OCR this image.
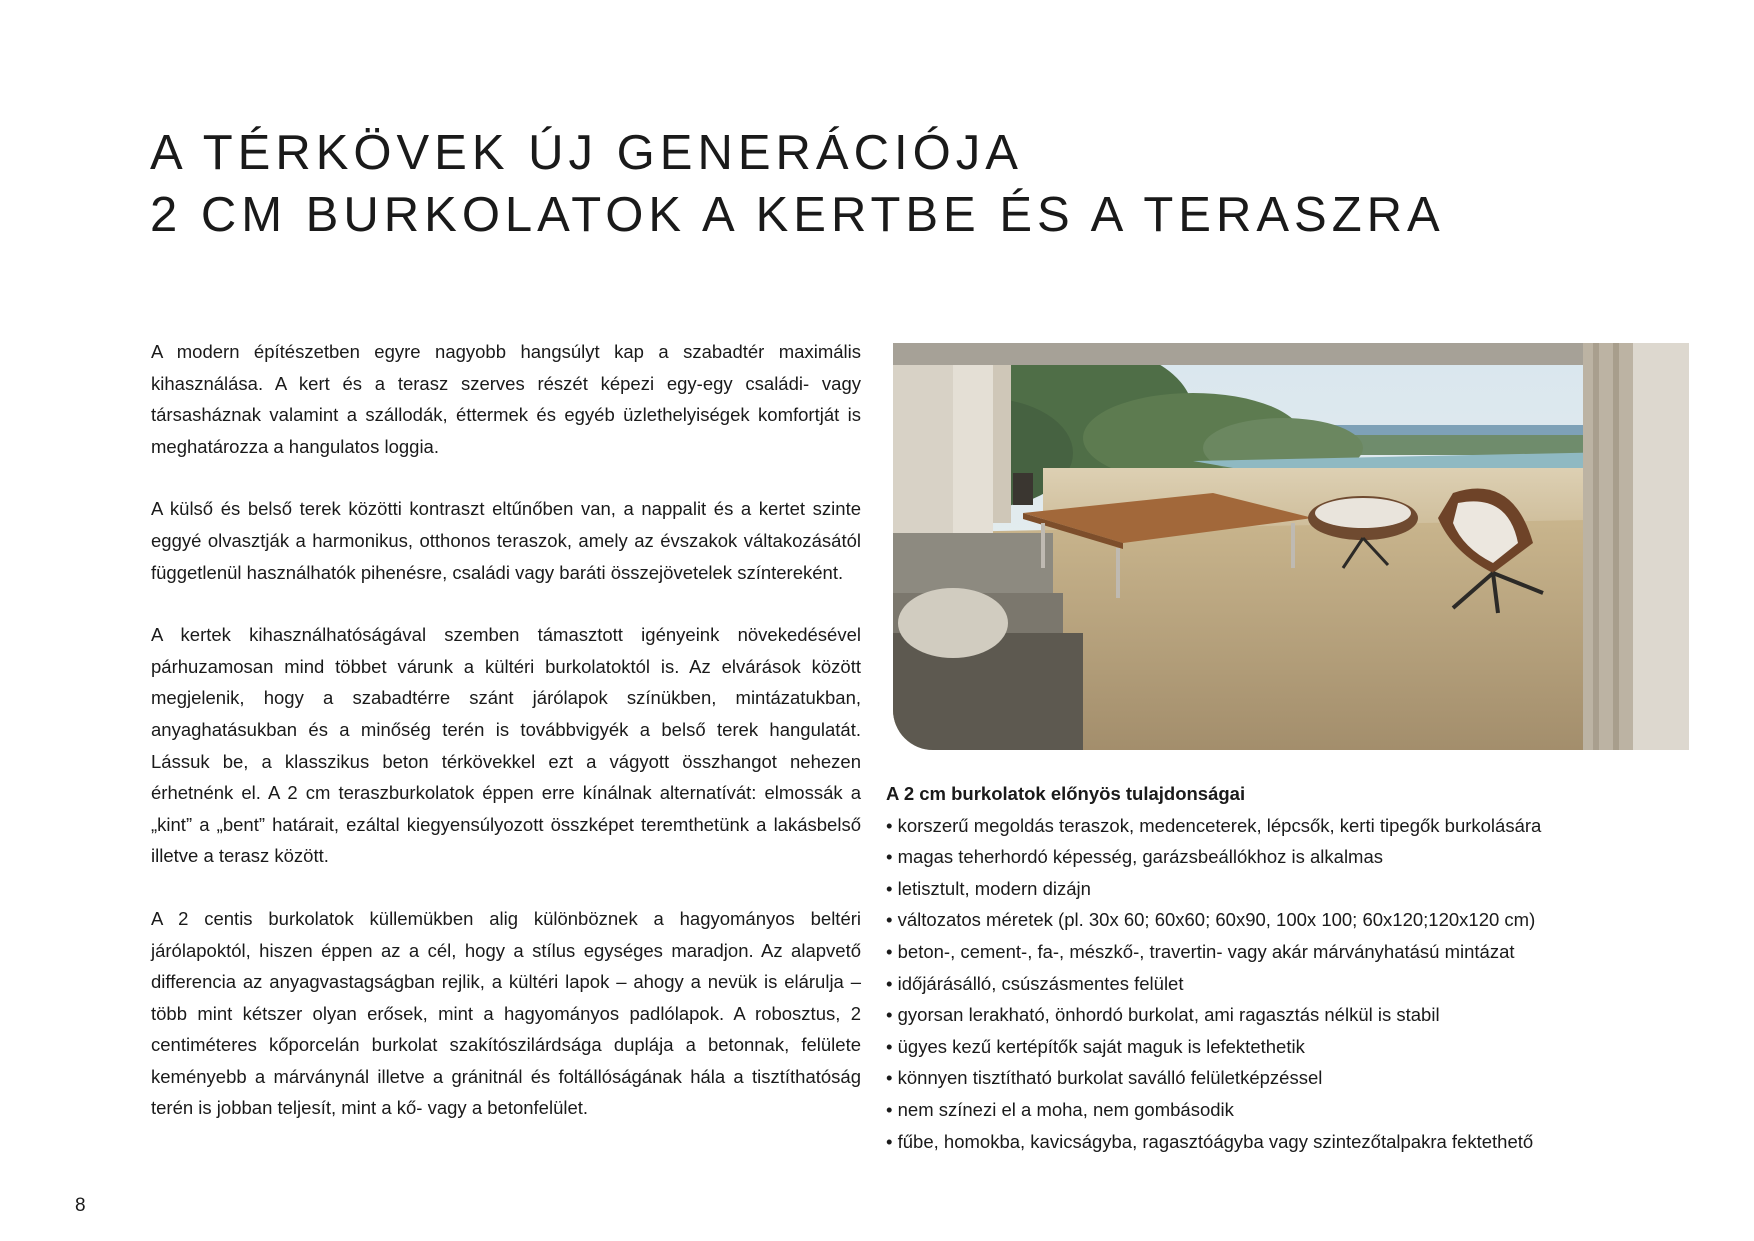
A TÉRKÖVEK ÚJ GENERÁCIÓJA
2 CM BURKOLATOK A KERTBE ÉS A TERASZRA

A modern építészetben egyre nagyobb hangsúlyt kap a szabadtér maximális kihasználása. A kert és a terasz szerves részét képezi egy-egy családi- vagy társasháznak valamint a szállodák, éttermek és egyéb üzlethelyiségek komfortját is meghatározza a hangulatos loggia.

A külső és belső terek közötti kontraszt eltűnőben van, a nappalit és a kertet szinte eggyé olvasztják a harmonikus, otthonos teraszok, amely az évszakok váltakozásától függetlenül használhatók pihenésre, családi vagy baráti összejövetelek színtereként.

A kertek kihasználhatóságával szemben támasztott igényeink növekedésével párhuzamosan mind többet várunk a kültéri burkolatoktól is. Az elvárások között megjelenik, hogy a szabadtérre szánt járólapok színükben, mintázatukban, anyaghatásukban és a minőség terén is továbbvigyék a belső terek hangulatát. Lássuk be, a klasszikus beton térkövekkel ezt a vágyott összhangot nehezen érhetnénk el. A 2 cm teraszburkolatok éppen erre kínálnak alternatívát: elmossák a „kint” a „bent” határait, ezáltal kiegyensúlyozott összképet teremthetünk a lakásbelső illetve a terasz között.

A 2 centis burkolatok küllemükben alig különböznek a hagyományos beltéri járólapoktól, hiszen éppen az a cél, hogy a stílus egységes maradjon. Az alapvető differencia az anyagvastagságban rejlik, a kültéri lapok – ahogy a nevük is elárulja – több mint kétszer olyan erősek, mint a hagyományos padlólapok. A robosztus, 2 centiméteres kőporcelán burkolat szakítószilárdsága duplája a betonnak, felülete keményebb a márványnál illetve a gránitnál és foltállóságának hála a tisztíthatóság terén is jobban teljesít, mint a kő- vagy a betonfelület.

A 2 cm burkolatok előnyös tulajdonságai
• korszerű megoldás teraszok, medenceterek, lépcsők, kerti tipegők burkolására
• magas teherhordó képesség, garázsbeállókhoz is alkalmas
• letisztult, modern dizájn
• változatos méretek (pl. 30x 60; 60x60; 60x90, 100x 100; 60x120;120x120 cm)
• beton-, cement-, fa-, mészkő-, travertin- vagy akár márványhatású mintázat
• időjárásálló, csúszásmentes felület
• gyorsan lerakható, önhordó burkolat, ami ragasztás nélkül is stabil
• ügyes kezű kertépítők saját maguk is lefektethetik
• könnyen tisztítható burkolat saválló felületképzéssel
• nem színezi el a moha, nem gombásodik
• fűbe, homokba, kavicságyba, ragasztóágyba vagy szintezőtalpakra fektethető
8
